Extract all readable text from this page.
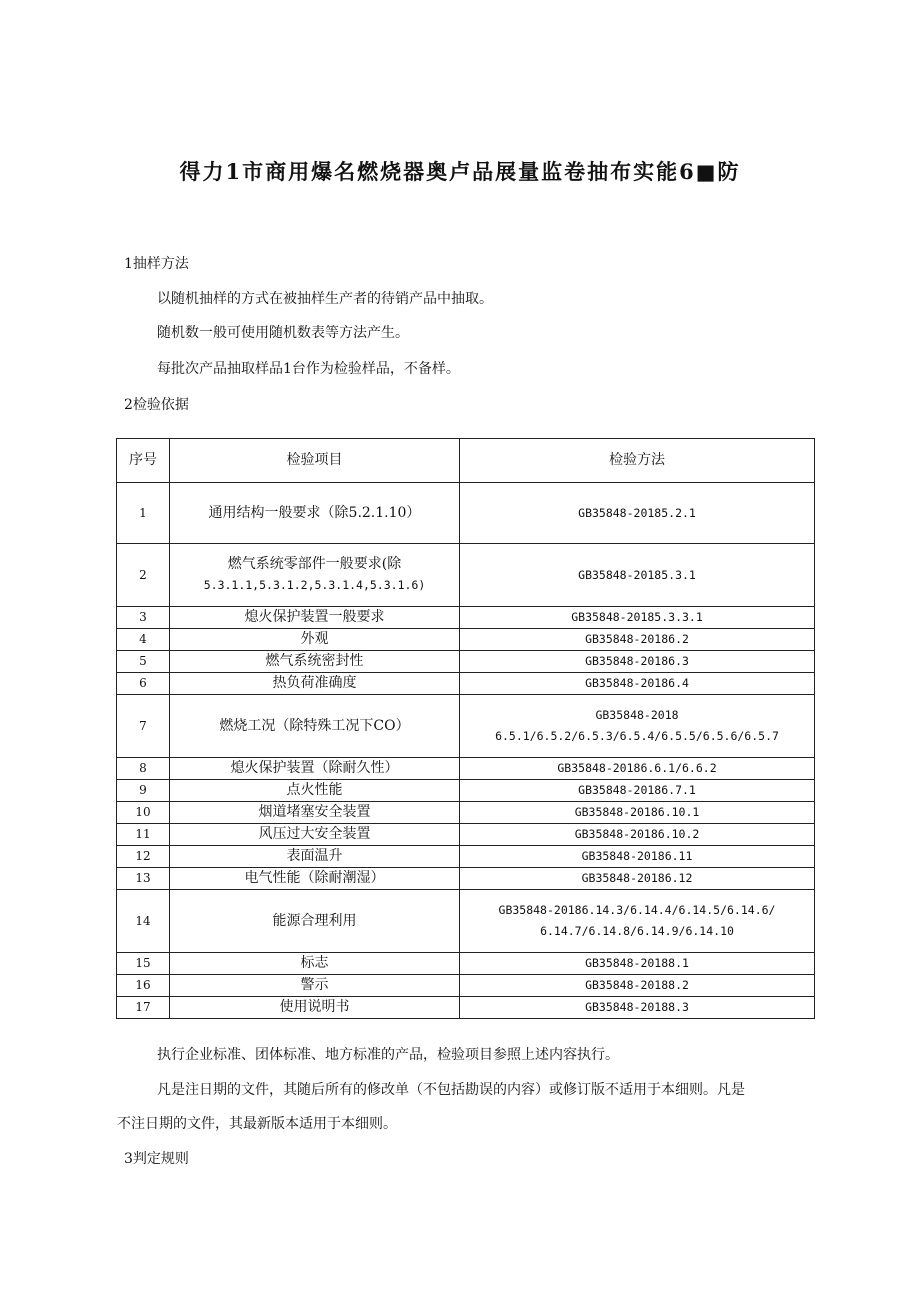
得力1市商用爆名燃烧器奥卢品展量监卷抽布实能6■防
1抽样方法
以随机抽样的方式在被抽样生产者的待销产品中抽取。
随机数一般可使用随机数表等方法产生。
每批次产品抽取样品1台作为检验样品，不备样。
2检验依据
序号	检验项目	检验方法
1	通用结构一般要求（除5.2.1.10）	GB35848-20185.2.1
2	燃气系统零部件一般要求(除
5.3.1.1,5.3.1.2,5.3.1.4,5.3.1.6)	GB35848-20185.3.1
3	熄火保护装置一般要求	GB35848-20185.3.3.1
4	外观	GB35848-20186.2
5	燃气系统密封性	GB35848-20186.3
6	热负荷准确度	GB35848-20186.4
7	燃烧工况（除特殊工况下CO）	GB35848-2018
6.5.1/6.5.2/6.5.3/6.5.4/6.5.5/6.5.6/6.5.7

8	熄火保护装置（除耐久性）	GB35848-20186.6.1/6.6.2
9	点火性能	GB35848-20186.7.1
10	烟道堵塞安全装置	GB35848-20186.10.1
11	风压过大安全装置	GB35848-20186.10.2
12	表面温升	GB35848-20186.11
13	电气性能（除耐潮湿）	GB35848-20186.12
14	能源合理利用	GB35848-20186.14.3/6.14.4/6.14.5/6.14.6/
6.14.7/6.14.8/6.14.9/6.14.10

15	标志	GB35848-20188.1
16	警示	GB35848-20188.2
17	使用说明书	GB35848-20188.3
执行企业标准、团体标准、地方标准的产品，检验项目参照上述内容执行。
凡是注日期的文件，其随后所有的修改单（不包括勘误的内容）或修订版不适用于本细则。凡是
不注日期的文件，其最新版本适用于本细则。
3判定规则
